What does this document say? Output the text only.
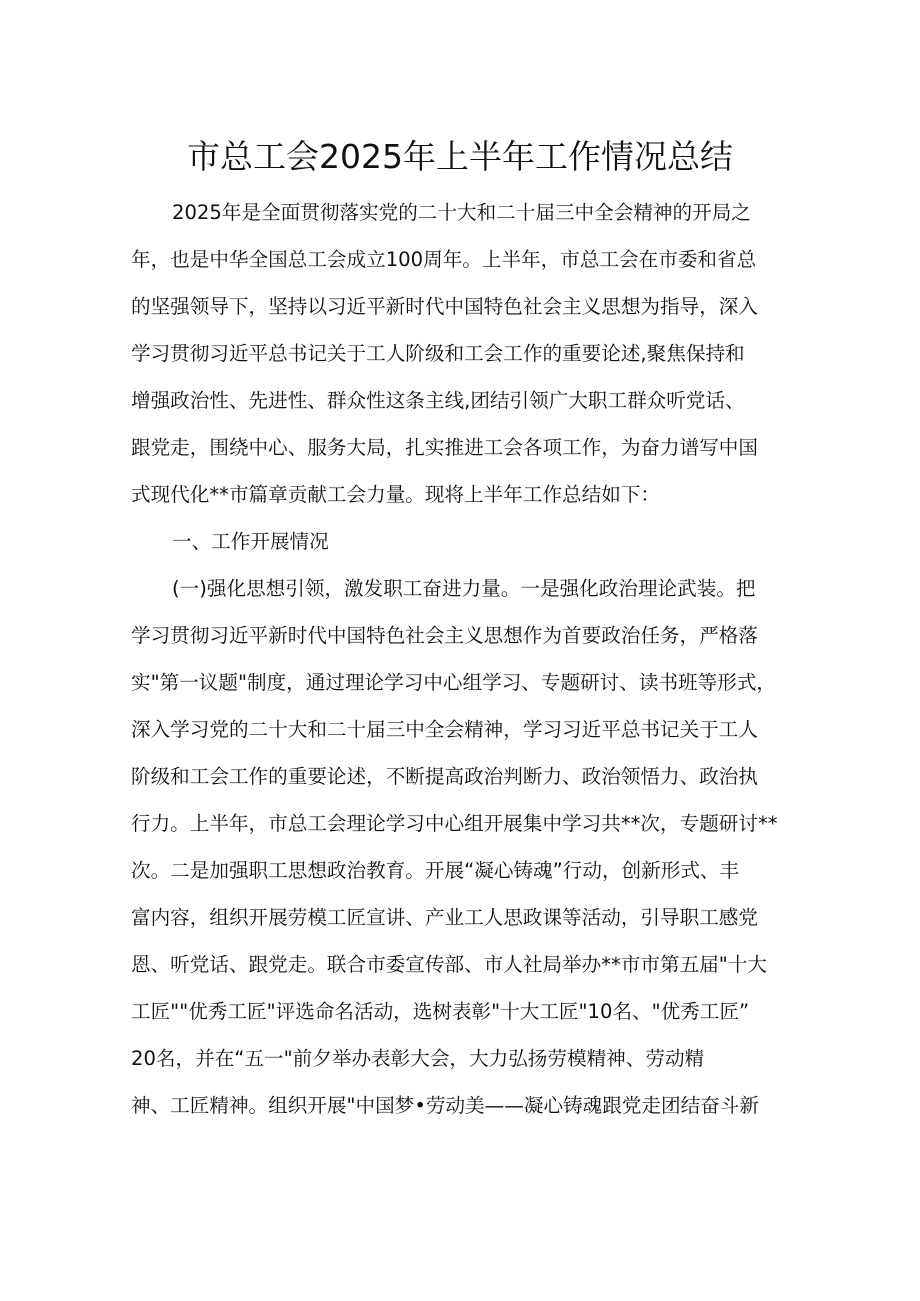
市总工会2025年上半年工作情况总结
2025年是全面贯彻落实党的二十大和二十届三中全会精神的开局之
年，也是中华全国总工会成立100周年。上半年，市总工会在市委和省总
的坚强领导下，坚持以习近平新时代中国特色社会主义思想为指导，深入
学习贯彻习近平总书记关于工人阶级和工会工作的重要论述,聚焦保持和
增强政治性、先进性、群众性这条主线,团结引领广大职工群众听党话、
跟党走，围绕中心、服务大局，扎实推进工会各项工作，为奋力谱写中国
式现代化**市篇章贡献工会力量。现将上半年工作总结如下：
一、工作开展情况
(一)强化思想引领，激发职工奋进力量。一是强化政治理论武装。把
学习贯彻习近平新时代中国特色社会主义思想作为首要政治任务，严格落
实"第一议题"制度，通过理论学习中心组学习、专题研讨、读书班等形式，
深入学习党的二十大和二十届三中全会精神，学习习近平总书记关于工人
阶级和工会工作的重要论述，不断提高政治判断力、政治领悟力、政治执
行力。上半年，市总工会理论学习中心组开展集中学习共**次，专题研讨**
次。二是加强职工思想政治教育。开展“凝心铸魂”行动，创新形式、丰
富内容，组织开展劳模工匠宣讲、产业工人思政课等活动，引导职工感党
恩、听党话、跟党走。联合市委宣传部、市人社局举办**市市第五届"十大
工匠""优秀工匠"评选命名活动，选树表彰"十大工匠"10名、"优秀工匠”
20名，并在“五一"前夕举办表彰大会，大力弘扬劳模精神、劳动精
神、工匠精神。组织开展"中国梦•劳动美——凝心铸魂跟党走团结奋斗新
